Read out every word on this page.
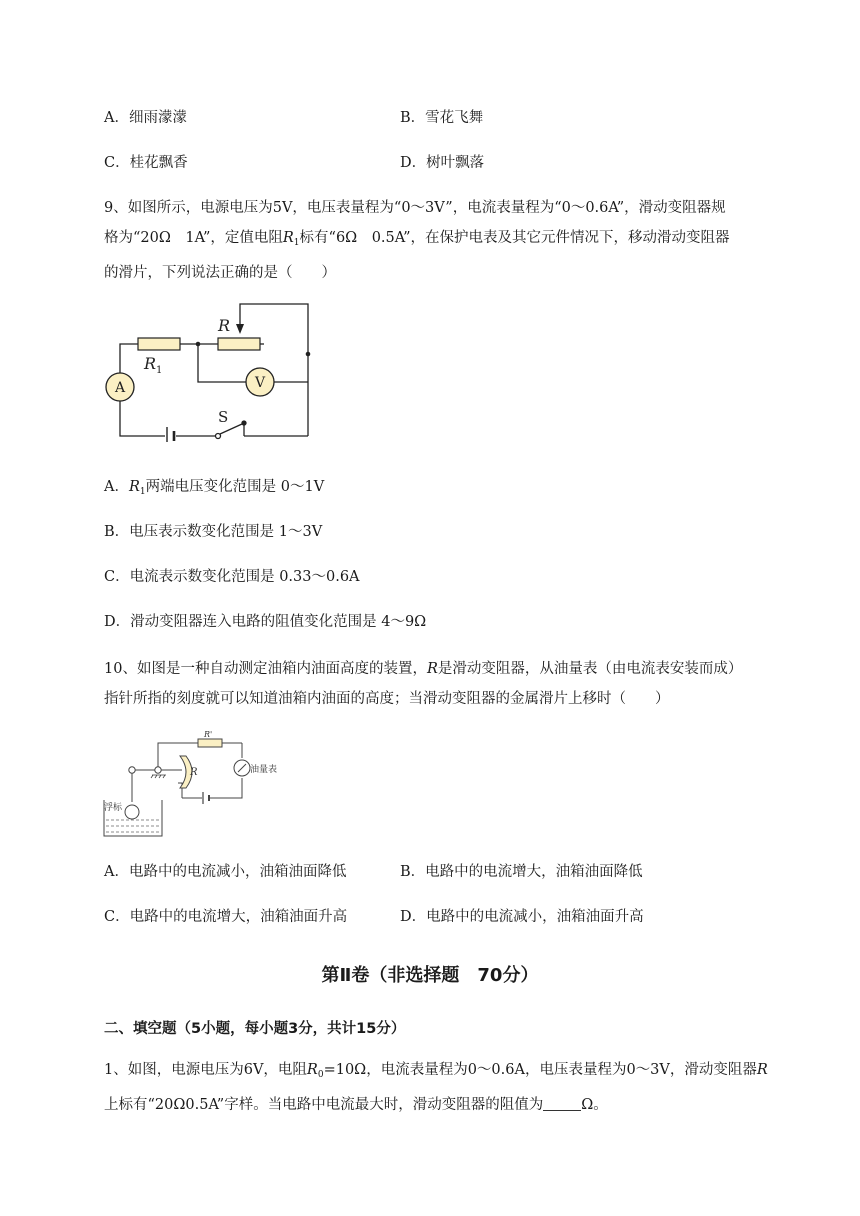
A．细雨濛濛	B．雪花飞舞
C．桂花飘香	D．树叶飘落
9、如图所示，电源电压为5V，电压表量程为“0～3V”，电流表量程为“0～0.6A”，滑动变阻器规
格为“20Ω　1A”，定值电阻$R_1$标有“6Ω　0.5A”，在保护电表及其它元件情况下，移动滑动变阻器
的滑片，下列说法正确的是（　　）
A	V
R
R 1
S
A．$R_1$两端电压变化范围是 0～1V
B．电压表示数变化范围是 1～3V
C．电流表示数变化范围是 0.33～0.6A
D．滑动变阻器连入电路的阻值变化范围是 4～9Ω
10、如图是一种自动测定油箱内油面高度的装置，R是滑动变阻器，从油量表（由电流表安装而成）
指针所指的刻度就可以知道油箱内油面的高度；当滑动变阻器的金属滑片上移时（　　）
R'
R	油量表
浮标
A．电路中的电流减小，油箱油面降低	B．电路中的电流增大，油箱油面降低
C．电路中的电流增大，油箱油面升高	D．电路中的电流减小，油箱油面升高
第Ⅱ卷（非选择题　70分）
二、填空题（5小题，每小题3分，共计15分）
1、如图，电源电压为6V，电阻$R_0=10\Omega$，电流表量程为0～0.6A，电压表量程为0～3V，滑动变阻器R
上标有“20Ω0.5A”字样。当电路中电流最大时，滑动变阻器的阻值为	Ω。
